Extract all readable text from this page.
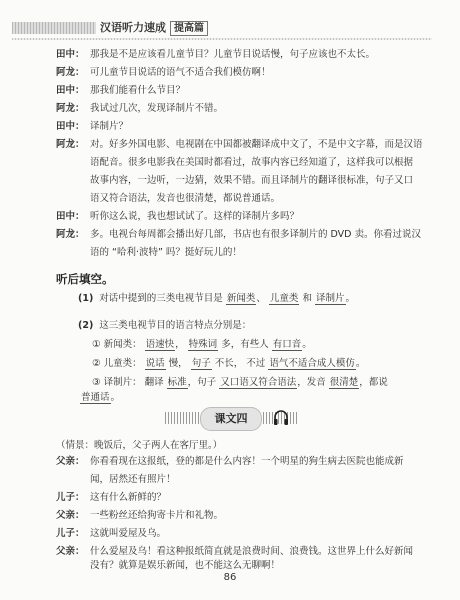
汉语听力速成 提高篇
田中： 那我是不是应该看儿童节目？儿童节目说话慢，句子应该也不太长。
阿龙： 可儿童节目说话的语气不适合我们模仿啊！
田中： 那我们能看什么节目？
阿龙： 我试过几次，发现译制片不错。
田中： 译制片？
阿龙： 对。好多外国电影、电视剧在中国都被翻译成中文了，不是中文字幕，而是汉语
语配音。很多电影我在美国时都看过，故事内容已经知道了，这样我可以根据
故事内容，一边听，一边猜，效果不错。而且译制片的翻译很标准，句子又口
语又符合语法，发音也很清楚，都说普通话。
田中： 听你这么说，我也想试试了。这样的译制片多吗？
阿龙： 多。电视台每周都会播出好几部，书店也有很多译制片的 DVD 卖。你看过说汉
语的 “哈利·波特” 吗？挺好玩儿的！
听后填空。
(1) 对话中提到的三类电视节目是 新闻类、 儿童类 和 译制片。
(2) 这三类电视节目的语言特点分别是：
① 新闻类： 语速快， 特殊词 多，有些人 有口音。
② 儿童类： 说话 慢， 句子 不长， 不过 语气不适合成人模仿。
③ 译制片： 翻译 标准，句子 又口语又符合语法，发音 很清楚，都说
普通话。
课文四
（情景：晚饭后，父子两人在客厅里。）
父亲： 你看看现在这报纸，登的都是什么内容！一个明星的狗生病去医院也能成新
闻，居然还有照片！
儿子： 这有什么新鲜的？
父亲： 一些粉丝还给狗寄卡片和礼物。
儿子： 这就叫爱屋及乌。
父亲： 什么爱屋及乌！看这种报纸简直就是浪费时间、浪费钱。这世界上什么好新闻
没有？就算是娱乐新闻，也不能这么无聊啊！
86
